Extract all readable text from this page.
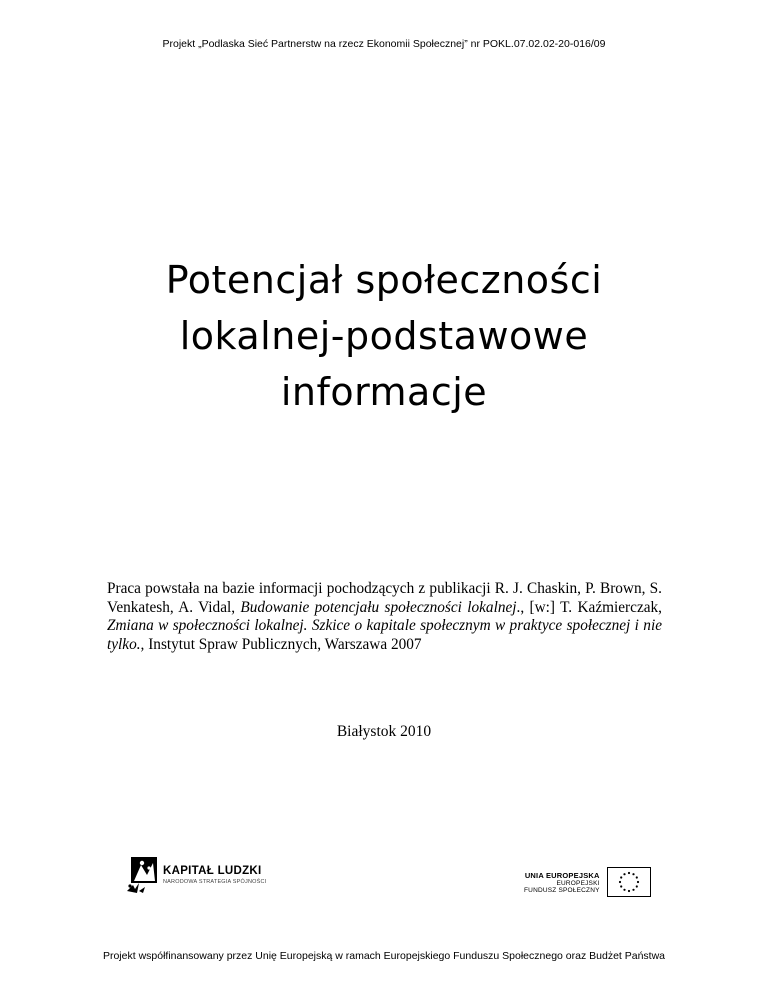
Projekt „Podlaska Sieć Partnerstw na rzecz Ekonomii Społecznej” nr POKL.07.02.02-20-016/09
Potencjał społeczności
lokalnej-podstawowe
informacje

Praca powstała na bazie informacji pochodzących z publikacji R. J. Chaskin, P. Brown, S. Venkatesh, A. Vidal, Budowanie potencjału społeczności lokalnej., [w:] T. Kaźmierczak, Zmiana w społeczności lokalnej. Szkice o kapitale społecznym w praktyce społecznej i nie tylko., Instytut Spraw Publicznych, Warszawa 2007

Białystok 2010
KAPITAŁ LUDZKI
NARODOWA STRATEGIA SPÓJNOŚCI
UNIA EUROPEJSKA
EUROPEJSKI
FUNDUSZ SPOŁECZNY
Projekt współfinansowany przez Unię Europejską w ramach Europejskiego Funduszu Społecznego oraz Budżet Państwa
